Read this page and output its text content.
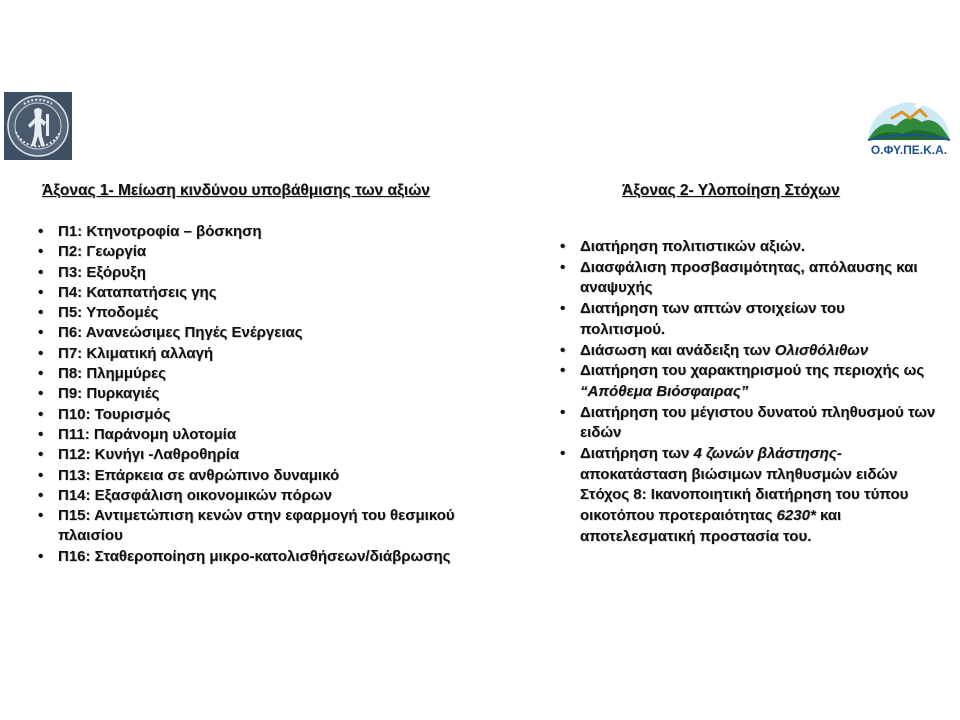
Ο.ΦΥ.ΠΕ.Κ.Α.

Άξονας 1- Μείωση κινδύνου υποβάθμισης των αξιών

• Π1: Κτηνοτροφία – βόσκηση
• Π2: Γεωργία
• Π3: Εξόρυξη
• Π4: Καταπατήσεις γης
• Π5: Υποδομές
• Π6: Ανανεώσιμες Πηγές Ενέργειας
• Π7: Κλιματική αλλαγή
• Π8: Πλημμύρες
• Π9: Πυρκαγιές
• Π10: Τουρισμός
• Π11: Παράνομη υλοτομία
• Π12: Κυνήγι -Λαθροθηρία
• Π13: Επάρκεια σε ανθρώπινο δυναμικό
• Π14: Εξασφάλιση οικονομικών πόρων
• Π15: Αντιμετώπιση κενών στην εφαρμογή του θεσμικού πλαισίου
• Π16: Σταθεροποίηση μικρο-κατολισθήσεων/διάβρωσης

Άξονας 2- Υλοποίηση Στόχων

• Διατήρηση πολιτιστικών αξιών.
• Διασφάλιση προσβασιμότητας, απόλαυσης και αναψυχής
• Διατήρηση των απτών στοιχείων του πολιτισμού.
• Διάσωση και ανάδειξη των Ολισθόλιθων
• Διατήρηση του χαρακτηρισμού της περιοχής ως “Απόθεμα Βιόσφαιρας”
• Διατήρηση του μέγιστου δυνατού πληθυσμού των ειδών
• Διατήρηση των 4 ζωνών βλάστησης-αποκατάσταση βιώσιμων πληθυσμών ειδών
Στόχος 8: Ικανοποιητική διατήρηση του τύπου οικοτόπου προτεραιότητας 6230* και αποτελεσματική προστασία του.
